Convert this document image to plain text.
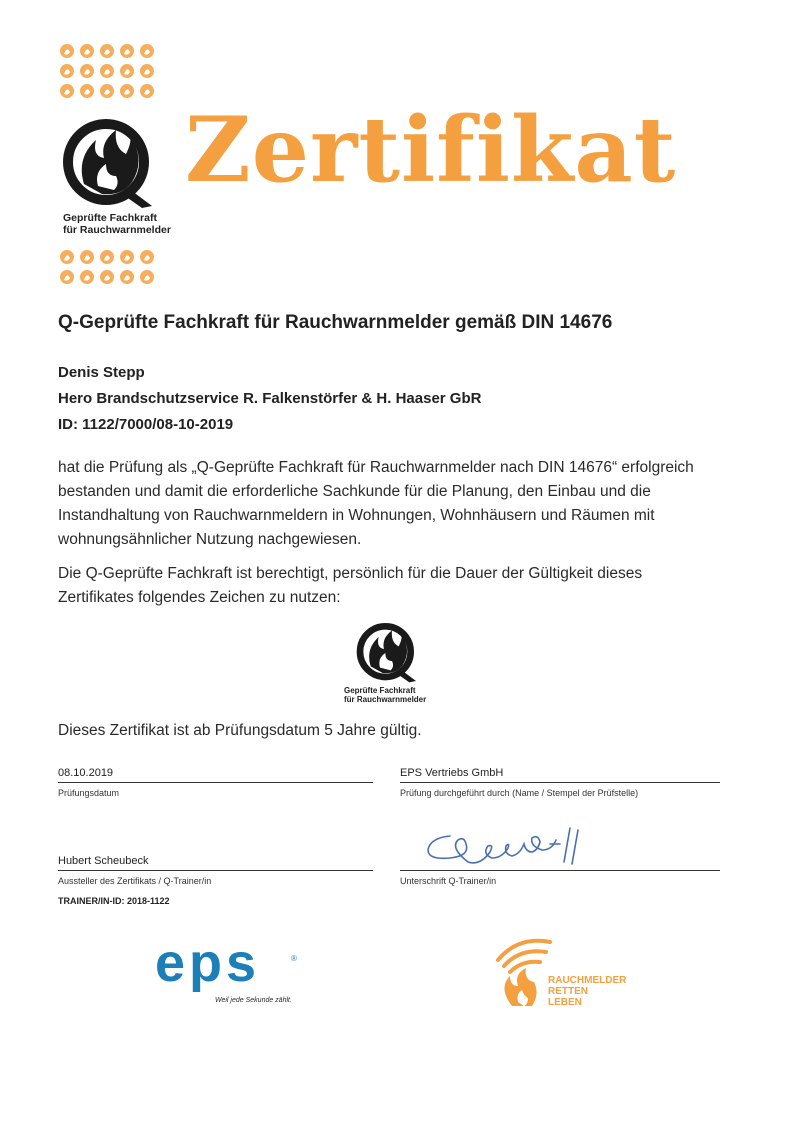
Geprüfte Fachkraft
für Rauchwarnmelder
Zertifikat
Q-Geprüfte Fachkraft für Rauchwarnmelder gemäß DIN 14676
Denis Stepp
Hero Brandschutzservice R. Falkenstörfer & H. Haaser GbR
ID: 1122/7000/08-10-2019
hat die Prüfung als „Q-Geprüfte Fachkraft für Rauchwarnmelder nach DIN 14676“ erfolgreich bestanden und damit die erforderliche Sachkunde für die Planung, den Einbau und die Instandhaltung von Rauchwarnmeldern in Wohnungen, Wohnhäusern und Räumen mit wohnungsähnlicher Nutzung nachgewiesen.
Die Q-Geprüfte Fachkraft ist berechtigt, persönlich für die Dauer der Gültigkeit dieses Zertifikates folgendes Zeichen zu nutzen:
Geprüfte Fachkraft
für Rauchwarnmelder
Dieses Zertifikat ist ab Prüfungsdatum 5 Jahre gültig.
08.10.2019
Prüfungsdatum
EPS Vertriebs GmbH
Prüfung durchgeführt durch (Name / Stempel der Prüfstelle)
Hubert Scheubeck
Aussteller des Zertifikats / Q-Trainer/in
TRAINER/IN-ID: 2018-1122
Unterschrift Q-Trainer/in
eps	®
Weil jede Sekunde zählt.
RAUCHMELDER
RETTEN
LEBEN
